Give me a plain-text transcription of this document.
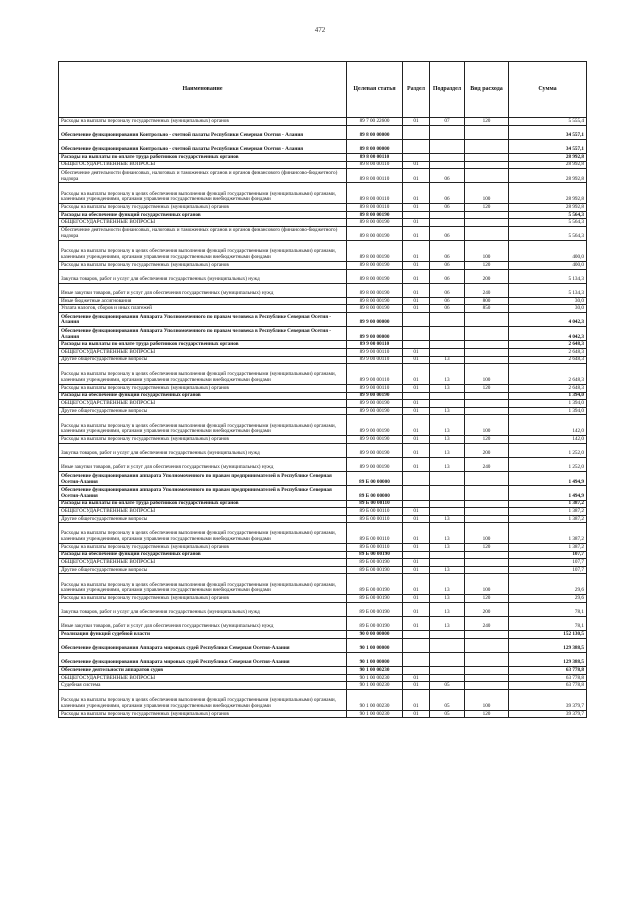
472
Наименование	Целевая статья	Раздел	Подраздел	Вид расхода	Сумма
Расходы на выплаты персоналу государственных (муниципальных) органов	89 7 00 22600	01	07	120	5 555,4
Обеспечение функционирования Контрольно - счетной палаты Республики Северная Осетия - Алания	89 8 00 00000				34 557,1
Обеспечение функционирования Контрольно - счетной палаты Республики Северная Осетия - Алания	89 8 00 00000				34 557,1
Расходы на выплаты по оплате труда работников государственных органов	89 8 00 00110				28 992,8
ОБЩЕГОСУДАРСТВЕННЫЕ ВОПРОСЫ	89 8 00 00110	01			28 992,8
Обеспечение деятельности финансовых, налоговых и таможенных органов и органов финансового (финансово-бюджетного) надзора	89 8 00 00110	01	06		28 992,8
Расходы на выплаты персоналу в целях обеспечения выполнения функций государственными (муниципальными) органами, казенными учреждениями, органами управления государственными внебюджетными фондами	89 8 00 00110	01	06	100	28 992,8
Расходы на выплаты персоналу государственных (муниципальных) органов	89 8 00 00110	01	06	120	28 992,8
Расходы на обеспечение функций государственных органов	89 8 00 00190				5 564,3
ОБЩЕГОСУДАРСТВЕННЫЕ ВОПРОСЫ	89 8 00 00190	01			5 564,3
Обеспечение деятельности финансовых, налоговых и таможенных органов и органов финансового (финансово-бюджетного) надзора	89 8 00 00190	01	06		5 564,3
Расходы на выплаты персоналу в целях обеспечения выполнения функций государственными (муниципальными) органами, казенными учреждениями, органами управления государственными внебюджетными фондами	89 8 00 00190	01	06	100	400,0
Расходы на выплаты персоналу государственных (муниципальных) органов	89 8 00 00190	01	06	120	400,0
Закупка товаров, работ и услуг для обеспечения государственных (муниципальных) нужд	89 8 00 00190	01	06	200	5 134,3
Иные закупки товаров, работ и услуг для обеспечения государственных (муниципальных) нужд	89 8 00 00190	01	06	240	5 134,3
Иные бюджетные ассигнования	89 8 00 00190	01	06	800	30,0
Уплата налогов, сборов и иных платежей	89 8 00 00190	01	06	850	30,0
Обеспечение функционирования Аппарата Уполномоченного по правам человека в Республике Северная Осетия - Алания	89 9 00 00000				4 042,3
Обеспечение функционирования Аппарата Уполномоченного по правам человека в Республике Северная Осетия - Алания	89 9 00 00000				4 042,3
Расходы на выплаты по оплате труда работников государственных органов	89 9 00 00110				2 648,3
ОБЩЕГОСУДАРСТВЕННЫЕ ВОПРОСЫ	89 9 00 00110	01			2 648,3
Другие общегосударственные вопросы	89 9 00 00110	01	13		2 648,3
Расходы на выплаты персоналу в целях обеспечения выполнения функций государственными (муниципальными) органами, казенными учреждениями, органами управления государственными внебюджетными фондами	89 9 00 00110	01	13	100	2 648,3
Расходы на выплаты персоналу государственных (муниципальных) органов	89 9 00 00110	01	13	120	2 648,3
Расходы на обеспечение функций государственных органов	89 9 00 00190				1 394,0
ОБЩЕГОСУДАРСТВЕННЫЕ ВОПРОСЫ	89 9 00 00190	01			1 394,0
Другие общегосударственные вопросы	89 9 00 00190	01	13		1 394,0
Расходы на выплаты персоналу в целях обеспечения выполнения функций государственными (муниципальными) органами, казенными учреждениями, органами управления государственными внебюджетными фондами	89 9 00 00190	01	13	100	142,0
Расходы на выплаты персоналу государственных (муниципальных) органов	89 9 00 00190	01	13	120	142,0
Закупка товаров, работ и услуг для обеспечения государственных (муниципальных) нужд	89 9 00 00190	01	13	200	1 252,0
Иные закупки товаров, работ и услуг для обеспечения государственных (муниципальных) нужд	89 9 00 00190	01	13	240	1 252,0
Обеспечение функционирования аппарата Уполномоченного по правам предпринимателей в Республике Северная Осетия-Алания	89 Б 00 00000				1 494,9
Обеспечение функционирования аппарата Уполномоченного по правам предпринимателей в Республике Северная Осетия-Алания	89 Б 00 00000				1 494,9
Расходы на выплаты по оплате труда работников государственных органов	89 Б 00 00110				1 387,2
ОБЩЕГОСУДАРСТВЕННЫЕ ВОПРОСЫ	89 Б 00 00110	01			1 387,2
Другие общегосударственные вопросы	89 Б 00 00110	01	13		1 387,2
Расходы на выплаты персоналу в целях обеспечения выполнения функций государственными (муниципальными) органами, казенными учреждениями, органами управления государственными внебюджетными фондами	89 Б 00 00110	01	13	100	1 387,2
Расходы на выплаты персоналу государственных (муниципальных) органов	89 Б 00 00110	01	13	120	1 387,2
Расходы на обеспечение функций государственных органов	89 Б 00 00190				107,7
ОБЩЕГОСУДАРСТВЕННЫЕ ВОПРОСЫ	89 Б 00 00190	01			107,7
Другие общегосударственные вопросы	89 Б 00 00190	01	13		107,7
Расходы на выплаты персоналу в целях обеспечения выполнения функций государственными (муниципальными) органами, казенными учреждениями, органами управления государственными внебюджетными фондами	89 Б 00 00190	01	13	100	29,6
Расходы на выплаты персоналу государственных (муниципальных) органов	89 Б 00 00190	01	13	120	29,6
Закупка товаров, работ и услуг для обеспечения государственных (муниципальных) нужд	89 Б 00 00190	01	13	200	78,1
Иные закупки товаров, работ и услуг для обеспечения государственных (муниципальных) нужд	89 Б 00 00190	01	13	240	78,1
Реализация функций судебной власти	90 0 00 00000				152 130,5
Обеспечение функционирования Аппарата мировых судей Республики Северная Осетия-Алания	90 1 00 00000				129 388,5
Обеспечение функционирования Аппарата мировых судей Республики Северная Осетия-Алания	90 1 00 00000				129 388,5
Обеспечение деятельности аппаратов судов	90 1 00 00230				63 778,8
ОБЩЕГОСУДАРСТВЕННЫЕ ВОПРОСЫ	90 1 00 00230	01			63 778,8
Судебная система	90 1 00 00230	01	05		63 778,8
Расходы на выплаты персоналу в целях обеспечения выполнения функций государственными (муниципальными) органами, казенными учреждениями, органами управления государственными внебюджетными фондами	90 1 00 00230	01	05	100	39 379,7
Расходы на выплаты персоналу государственных (муниципальных) органов	90 1 00 00230	01	05	120	39 379,7
